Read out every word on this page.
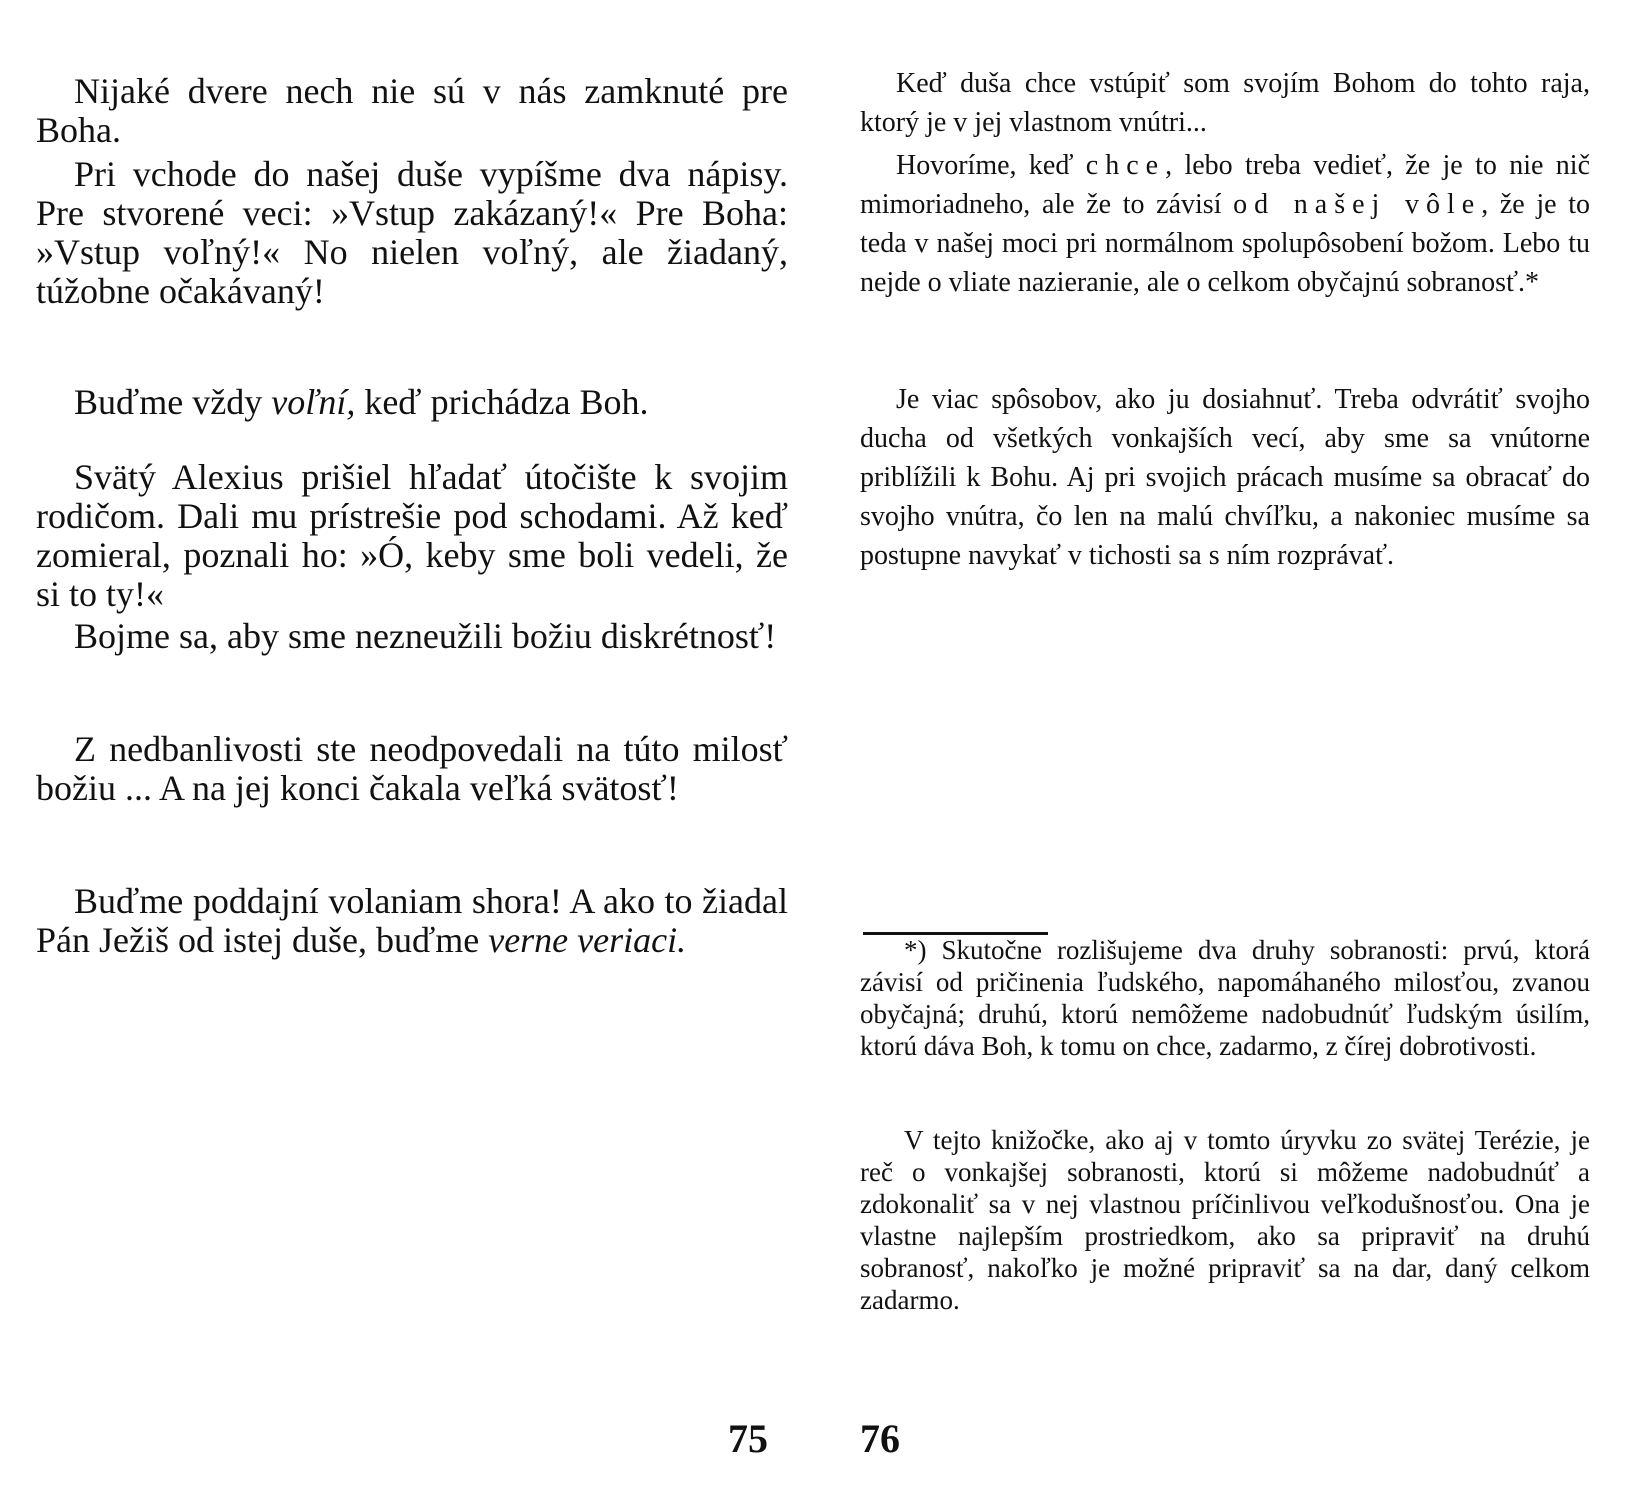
Nijaké dvere nech nie sú v nás zamknuté pre Boha.

Pri vchode do našej duše vypíšme dva nápisy. Pre stvorené veci: »Vstup zakázaný!« Pre Boha: »Vstup voľný!« No nielen voľný, ale žiadaný, túžobne očakávaný!

Buďme vždy voľní, keď prichádza Boh.

Svätý Alexius prišiel hľadať útočište k svojim rodičom. Dali mu prístrešie pod schodami. Až keď zomieral, poznali ho: »Ó, keby sme boli vedeli, že si to ty!«

Bojme sa, aby sme nezneužili božiu diskrétnosť!

Z nedbanlivosti ste neodpovedali na túto milosť božiu ... A na jej konci čakala veľká svätosť!

Buďme poddajní volaniam shora! A ako to žiadal Pán Ježiš od istej duše, buďme verne veriaci.

75

Keď duša chce vstúpiť som svojím Bohom do tohto raja, ktorý je v jej vlastnom vnútri...

Hovoríme, keď chce, lebo treba vedieť, že je to nie nič mimoriadneho, ale že to závisí od našej vôle, že je to teda v našej moci pri normálnom spolupôsobení božom. Lebo tu nejde o vliate nazieranie, ale o celkom obyčajnú sobranosť.*

Je viac spôsobov, ako ju dosiahnuť. Treba odvrátiť svojho ducha od všetkých vonkajších vecí, aby sme sa vnútorne priblížili k Bohu. Aj pri svojich prácach musíme sa obracať do svojho vnútra, čo len na malú chvíľku, a nakoniec musíme sa postupne navykať v tichosti sa s ním rozprávať.

*) Skutočne rozlišujeme dva druhy sobranosti: prvú, ktorá závisí od pričinenia ľudského, napomáhaného milosťou, zvanou obyčajná; druhú, ktorú nemôžeme nadobudnúť ľudským úsilím, ktorú dáva Boh, k tomu on chce, zadarmo, z čírej dobrotivosti.

V tejto knižočke, ako aj v tomto úryvku zo svätej Terézie, je reč o vonkajšej sobranosti, ktorú si môžeme nadobudnúť a zdokonaliť sa v nej vlastnou príčinlivou veľkodušnosťou. Ona je vlastne najlepším prostriedkom, ako sa pripraviť na druhú sobranosť, nakoľko je možné pripraviť sa na dar, daný celkom zadarmo.

76
